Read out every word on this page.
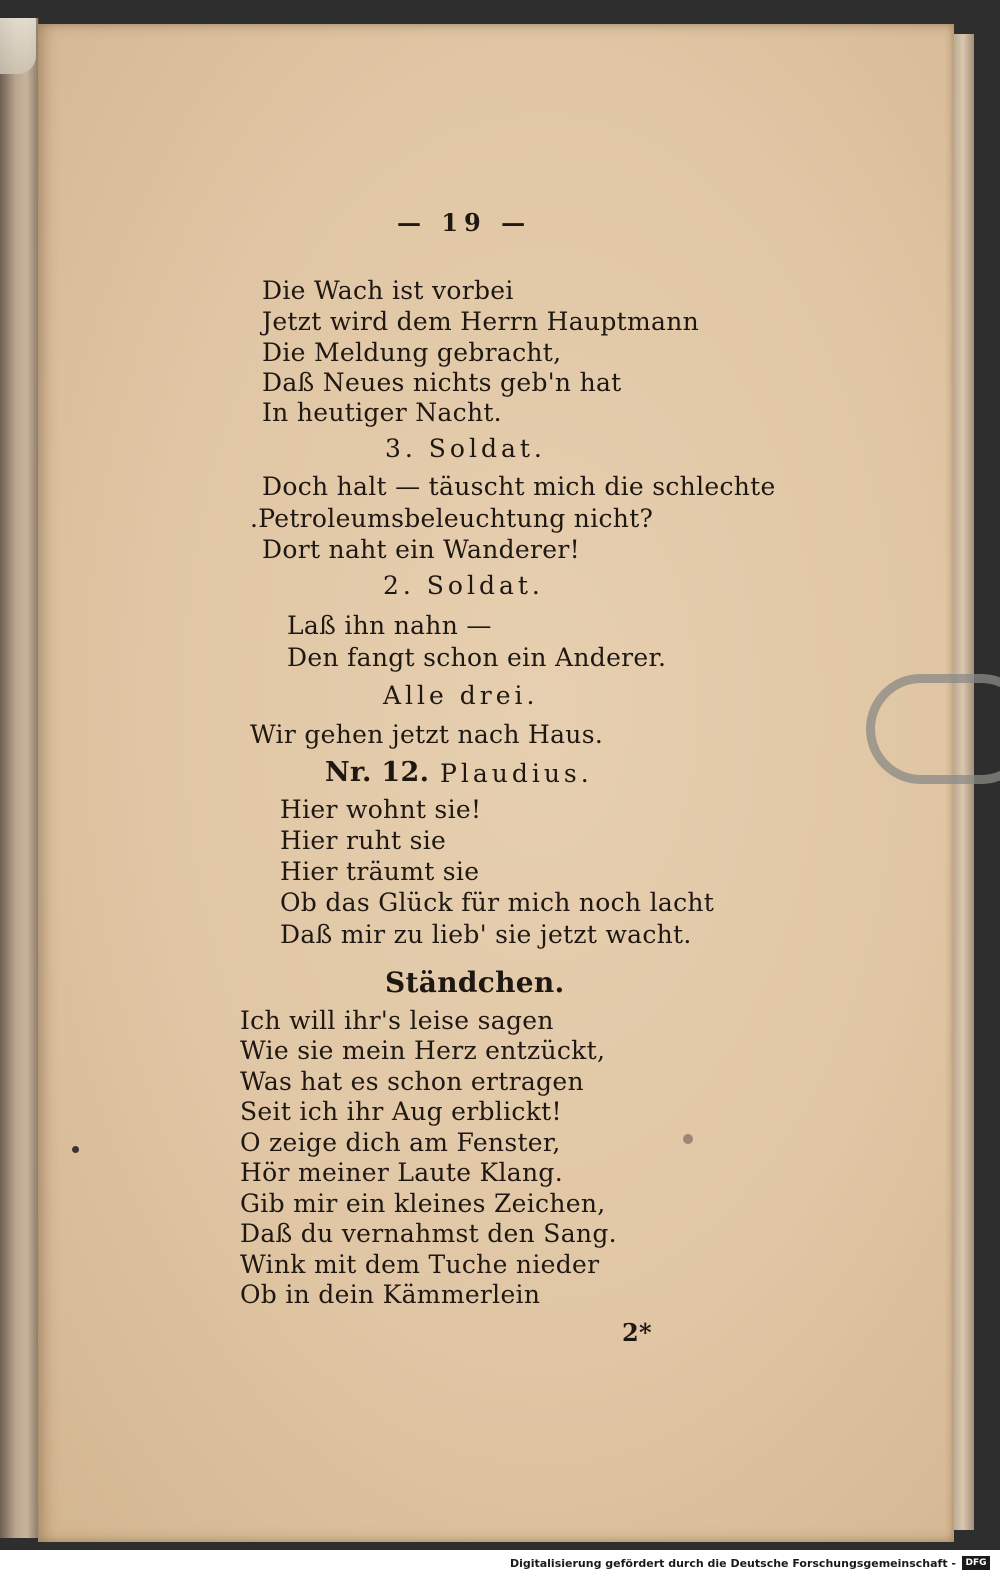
— 19 —
Die Wach ist vorbei
Jetzt wird dem Herrn Hauptmann
Die Meldung gebracht,
Daß Neues nichts geb'n hat
In heutiger Nacht.
3. Soldat.
Doch halt — täuscht mich die schlechte
.Petroleumsbeleuchtung nicht?
Dort naht ein Wanderer!
2. Soldat.
Laß ihn nahn —
Den fangt schon ein Anderer.
Alle drei.
Wir gehen jetzt nach Haus.
Nr. 12. Plaudius.
Hier wohnt sie!
Hier ruht sie
Hier träumt sie
Ob das Glück für mich noch lacht
Daß mir zu lieb' sie jetzt wacht.
Ständchen.
Ich will ihr's leise sagen
Wie sie mein Herz entzückt,
Was hat es schon ertragen
Seit ich ihr Aug erblickt!
O zeige dich am Fenster,
Hör meiner Laute Klang.
Gib mir ein kleines Zeichen,
Daß du vernahmst den Sang.
Wink mit dem Tuche nieder
Ob in dein Kämmerlein
2*
Digitalisierung gefördert durch die Deutsche Forschungsgemeinschaft -	DFG
